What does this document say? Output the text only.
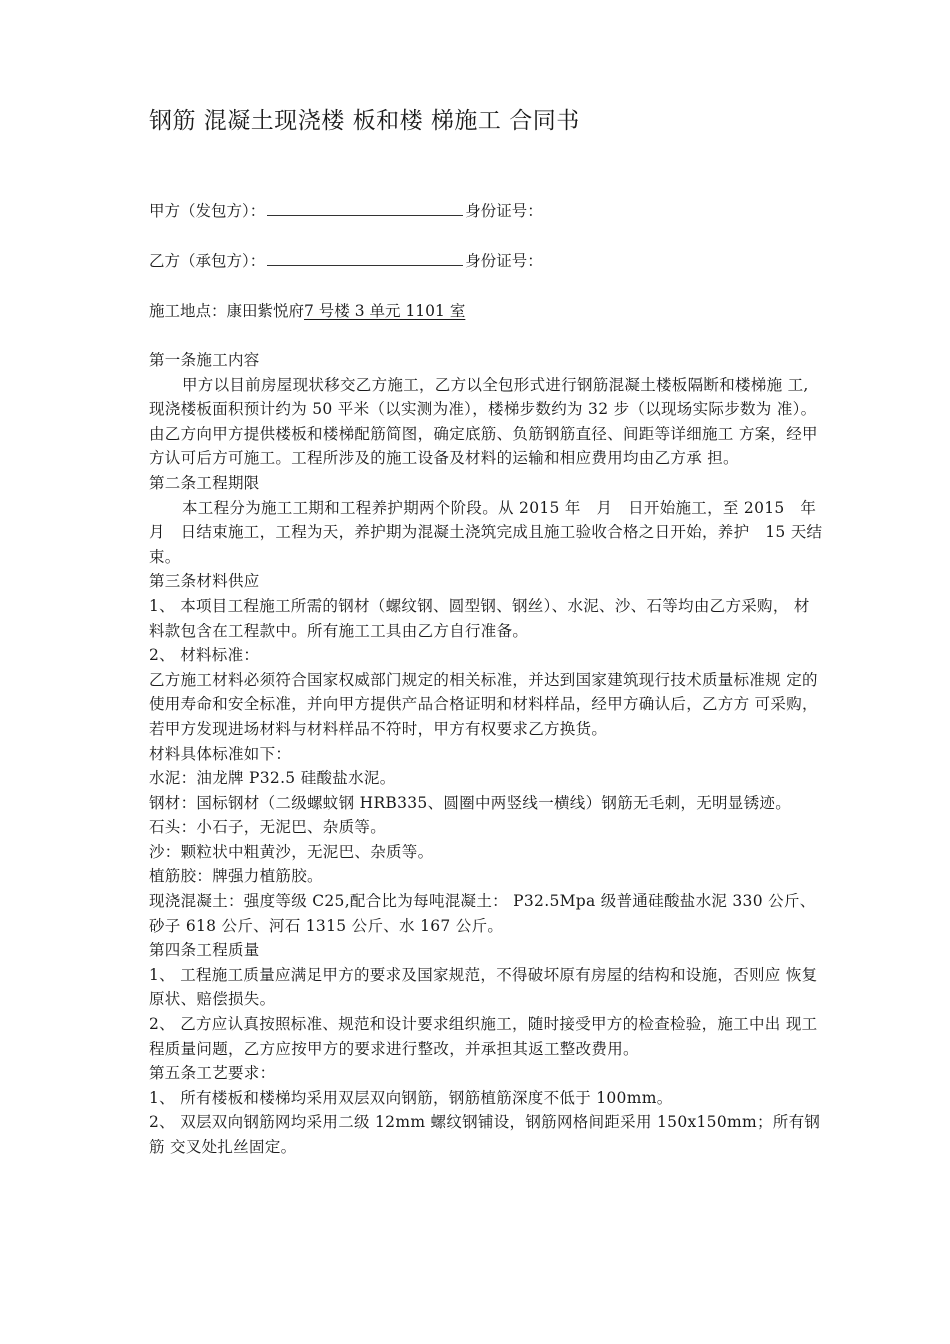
钢筋 混凝土现浇楼 板和楼 梯施工 合同书
甲方（发包方）：	身份证号：
乙方（承包方）：	身份证号：
施工地点：康田紫悦府7 号楼 3 单元 1101 室

第一条施工内容

甲方以目前房屋现状移交乙方施工，乙方以全包形式进行钢筋混凝土楼板隔断和楼梯施 工,现浇楼板面积预计约为 50 平米（以实测为准），楼梯步数约为 32 步（以现场实际步数为 准）。由乙方向甲方提供楼板和楼梯配筋简图，确定底筋、负筋钢筋直径、间距等详细施工 方案，经甲方认可后方可施工。工程所涉及的施工设备及材料的运输和相应费用均由乙方承 担。

第二条工程期限

本工程分为施工工期和工程养护期两个阶段。从 2015 年　月　日开始施工，至 2015　年月　日结束施工，工程为天，养护期为混凝土浇筑完成且施工验收合格之日开始，养护　15 天结束。

第三条材料供应

1、 本项目工程施工所需的钢材（螺纹钢、圆型钢、钢丝）、水泥、沙、石等均由乙方采购， 材料款包含在工程款中。所有施工工具由乙方自行准备。

2、 材料标准：

乙方施工材料必须符合国家权威部门规定的相关标准，并达到国家建筑现行技术质量标准规 定的使用寿命和安全标准，并向甲方提供产品合格证明和材料样品，经甲方确认后，乙方方 可采购，若甲方发现进场材料与材料样品不符时，甲方有权要求乙方换货。

材料具体标准如下：

水泥：油龙牌 P32.5 硅酸盐水泥。

钢材：国标钢材（二级螺蚊钢 HRB335、圆圈中两竖线一横线）钢筋无毛刺，无明显锈迹。

石头：小石子，无泥巴、杂质等。

沙：颗粒状中粗黄沙，无泥巴、杂质等。

植筋胶：牌强力植筋胶。

现浇混凝土：强度等级 C25,配合比为每吨混凝土： P32.5Mpa 级普通硅酸盐水泥 330 公斤、 砂子 618 公斤、河石 1315 公斤、水 167 公斤。

第四条工程质量

1、 工程施工质量应满足甲方的要求及国家规范，不得破坏原有房屋的结构和设施，否则应 恢复原状、赔偿损失。

2、 乙方应认真按照标准、规范和设计要求组织施工，随时接受甲方的检查检验，施工中出 现工程质量问题，乙方应按甲方的要求进行整改，并承担其返工整改费用。

第五条工艺要求：

1、 所有楼板和楼梯均采用双层双向钢筋，钢筋植筋深度不低于 100mm。

2、 双层双向钢筋网均采用二级 12mm 螺纹钢铺设，钢筋网格间距采用 150x150mm；所有钢筋 交叉处扎丝固定。
